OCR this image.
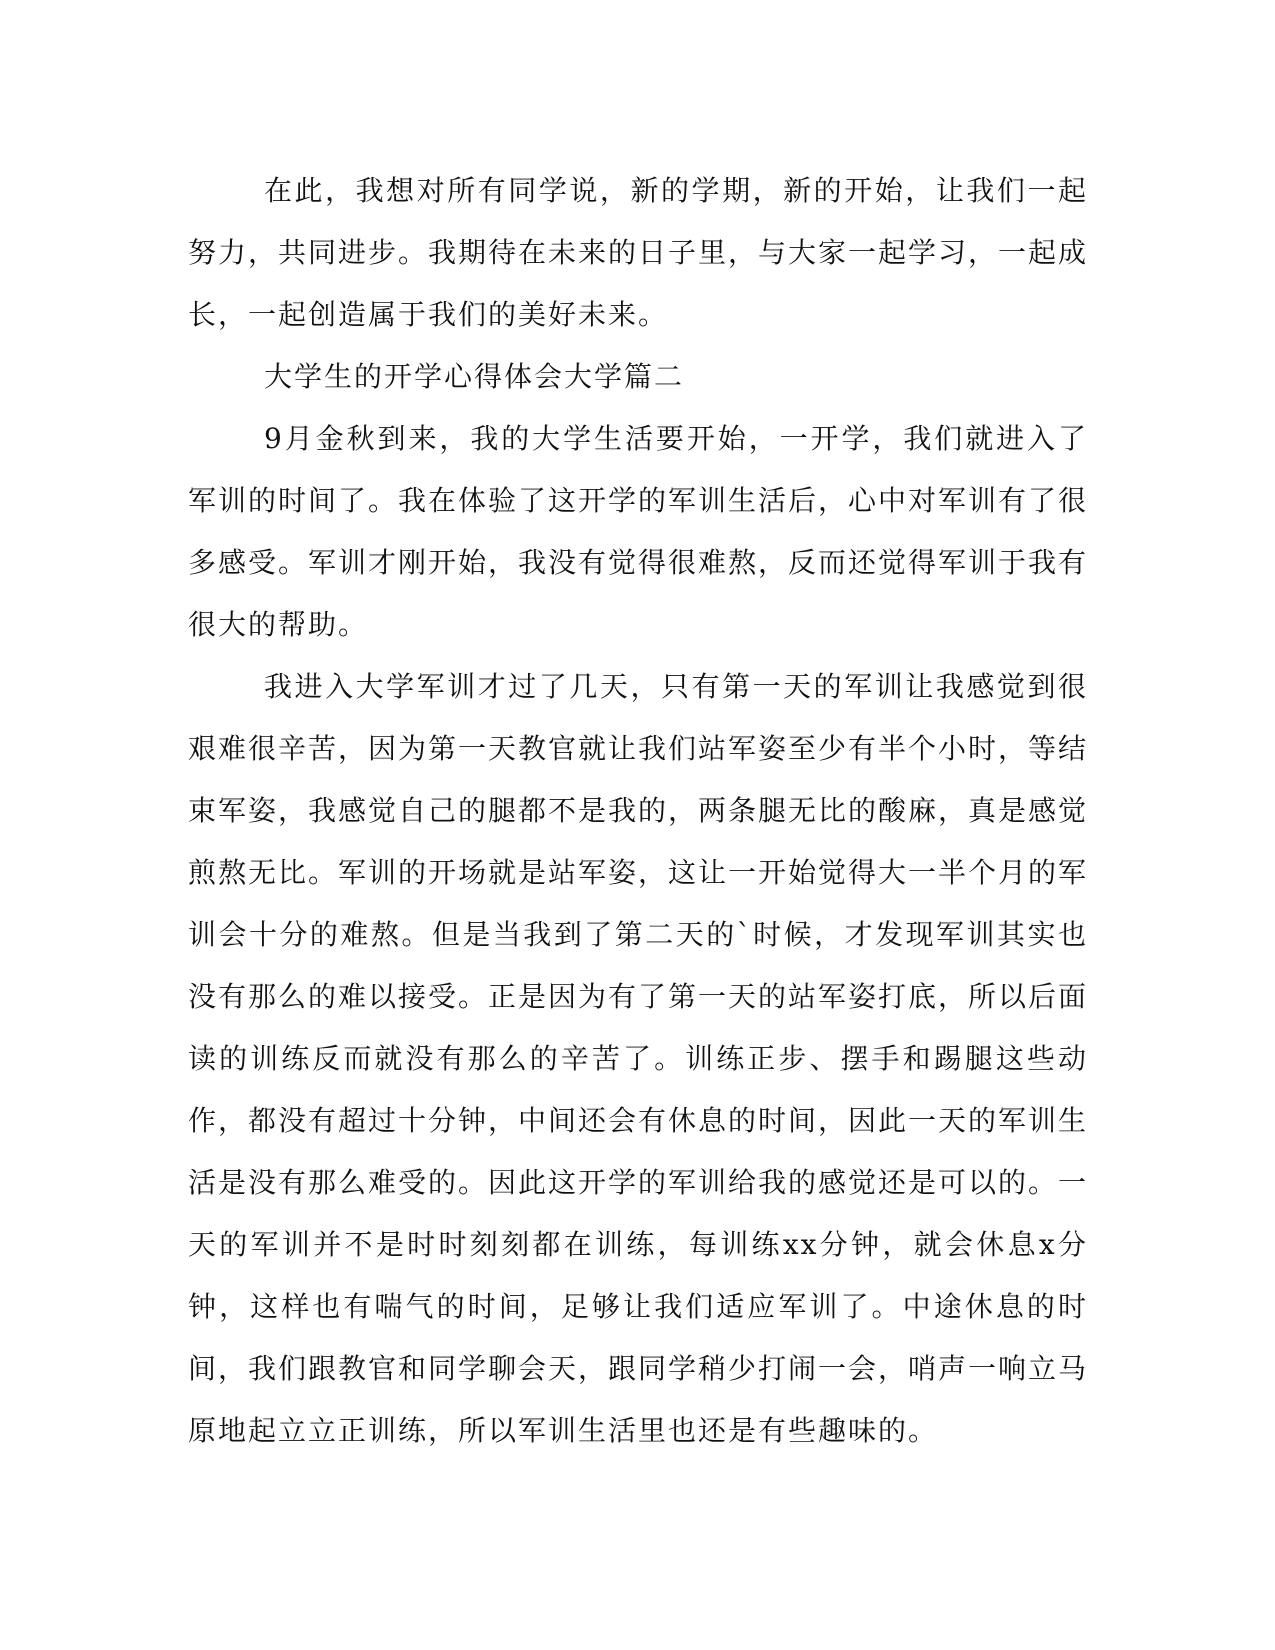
在此，我想对所有同学说，新的学期，新的开始，让我们一起努力，共同进步。我期待在未来的日子里，与大家一起学习，一起成长，一起创造属于我们的美好未来。

大学生的开学心得体会大学篇二

9月金秋到来，我的大学生活要开始，一开学，我们就进入了军训的时间了。我在体验了这开学的军训生活后，心中对军训有了很多感受。军训才刚开始，我没有觉得很难熬，反而还觉得军训于我有很大的帮助。

我进入大学军训才过了几天，只有第一天的军训让我感觉到很艰难很辛苦，因为第一天教官就让我们站军姿至少有半个小时，等结束军姿，我感觉自己的腿都不是我的，两条腿无比的酸麻，真是感觉煎熬无比。军训的开场就是站军姿，这让一开始觉得大一半个月的军训会十分的难熬。但是当我到了第二天的`时候，才发现军训其实也没有那么的难以接受。正是因为有了第一天的站军姿打底，所以后面读的训练反而就没有那么的辛苦了。训练正步、摆手和踢腿这些动作，都没有超过十分钟，中间还会有休息的时间，因此一天的军训生活是没有那么难受的。因此这开学的军训给我的感觉还是可以的。一天的军训并不是时时刻刻都在训练，每训练xx分钟，就会休息x分钟，这样也有喘气的时间，足够让我们适应军训了。中途休息的时间，我们跟教官和同学聊会天，跟同学稍少打闹一会，哨声一响立马原地起立立正训练，所以军训生活里也还是有些趣味的。
